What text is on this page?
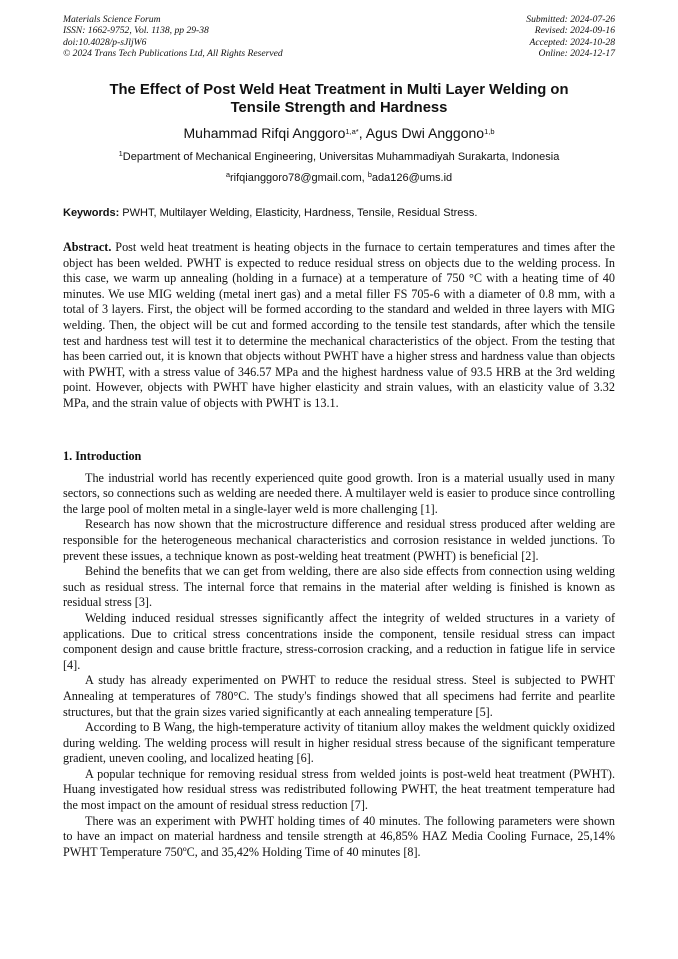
Materials Science Forum
ISSN: 1662-9752, Vol. 1138, pp 29-38
doi:10.4028/p-sJljW6
© 2024 Trans Tech Publications Ltd, All Rights Reserved
Submitted: 2024-07-26
Revised: 2024-09-16
Accepted: 2024-10-28
Online: 2024-12-17
The Effect of Post Weld Heat Treatment in Multi Layer Welding on
Tensile Strength and Hardness
Muhammad Rifqi Anggoro$^{1,a*}$, Agus Dwi Anggono$^{1,b}$
$^1$Department of Mechanical Engineering, Universitas Muhammadiyah Surakarta, Indonesia
$^a$rifqianggoro78@gmail.com, $^b$ada126@ums.id
Keywords: PWHT, Multilayer Welding, Elasticity, Hardness, Tensile, Residual Stress.
Abstract. Post weld heat treatment is heating objects in the furnace to certain temperatures and times after the object has been welded. PWHT is expected to reduce residual stress on objects due to the welding process. In this case, we warm up annealing (holding in a furnace) at a temperature of 750 °C with a heating time of 40 minutes. We use MIG welding (metal inert gas) and a metal filler FS 705-6 with a diameter of 0.8 mm, with a total of 3 layers. First, the object will be formed according to the standard and welded in three layers with MIG welding. Then, the object will be cut and formed according to the tensile test standards, after which the tensile test and hardness test will test it to determine the mechanical characteristics of the object. From the testing that has been carried out, it is known that objects without PWHT have a higher stress and hardness value than objects with PWHT, with a stress value of 346.57 MPa and the highest hardness value of 93.5 HRB at the 3rd welding point. However, objects with PWHT have higher elasticity and strain values, with an elasticity value of 3.32 MPa, and the strain value of objects with PWHT is 13.1.
1. Introduction

The industrial world has recently experienced quite good growth. Iron is a material usually used in many sectors, so connections such as welding are needed there. A multilayer weld is easier to produce since controlling the large pool of molten metal in a single-layer weld is more challenging [1].

Research has now shown that the microstructure difference and residual stress produced after welding are responsible for the heterogeneous mechanical characteristics and corrosion resistance in welded junctions. To prevent these issues, a technique known as post-welding heat treatment (PWHT) is beneficial [2].

Behind the benefits that we can get from welding, there are also side effects from connection using welding such as residual stress. The internal force that remains in the material after welding is finished is known as residual stress [3].

Welding induced residual stresses significantly affect the integrity of welded structures in a variety of applications. Due to critical stress concentrations inside the component, tensile residual stress can impact component design and cause brittle fracture, stress-corrosion cracking, and a reduction in fatigue life in service [4].

A study has already experimented on PWHT to reduce the residual stress. Steel is subjected to PWHT Annealing at temperatures of 780°C. The study's findings showed that all specimens had ferrite and pearlite structures, but that the grain sizes varied significantly at each annealing temperature [5].

According to B Wang, the high-temperature activity of titanium alloy makes the weldment quickly oxidized during welding. The welding process will result in higher residual stress because of the significant temperature gradient, uneven cooling, and localized heating [6].

A popular technique for removing residual stress from welded joints is post-weld heat treatment (PWHT). Huang investigated how residual stress was redistributed following PWHT, the heat treatment temperature had the most impact on the amount of residual stress reduction [7].

There was an experiment with PWHT holding times of 40 minutes. The following parameters were shown to have an impact on material hardness and tensile strength at 46,85% HAZ Media Cooling Furnace, 25,14% PWHT Temperature 750ºC, and 35,42% Holding Time of 40 minutes [8].
